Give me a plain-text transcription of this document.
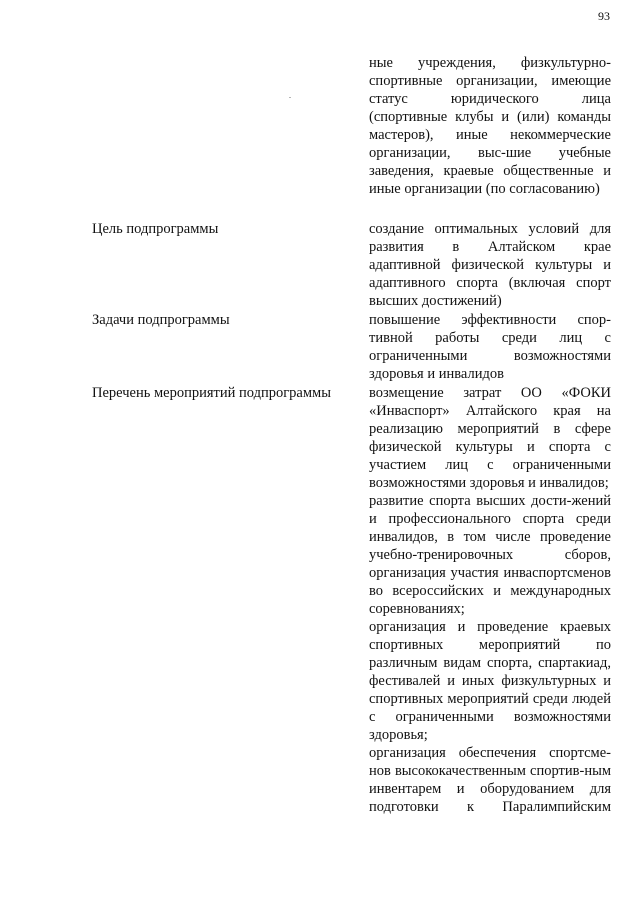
93

ные учреждения, физкультурно-спортивные организации, имеющие статус юридического лица (спортивные клубы и (или) команды мастеров), иные некоммерческие организации, выс-шие учебные заведения, краевые общественные и иные организации (по согласованию)

Цель подпрограммы	создание оптимальных условий для развития в Алтайском крае адаптивной физической культуры и адаптивного спорта (включая спорт высших достижений)

Задачи подпрограммы	повышение эффективности спор-тивной работы среди лиц с ограниченными возможностями здоровья и инвалидов

Перечень мероприятий подпрограммы	возмещение затрат ОО «ФОКИ «Инваспорт» Алтайского края на реализацию мероприятий в сфере физической культуры и спорта с участием лиц с ограниченными возможностями здоровья и инвалидов;

развитие спорта высших дости-жений и профессионального спорта среди инвалидов, в том числе проведение учебно-тренировочных сборов, организация участия инваспортсменов во всероссийских и международных соревнованиях;

организация и проведение краевых спортивных мероприятий по различным видам спорта, спартакиад, фестивалей и иных физкультурных и спортивных мероприятий среди людей с ограниченными возможностями здоровья;

организация обеспечения спортсме-нов высококачественным спортив-ным инвентарем и оборудованием для подготовки к Паралимпийским
